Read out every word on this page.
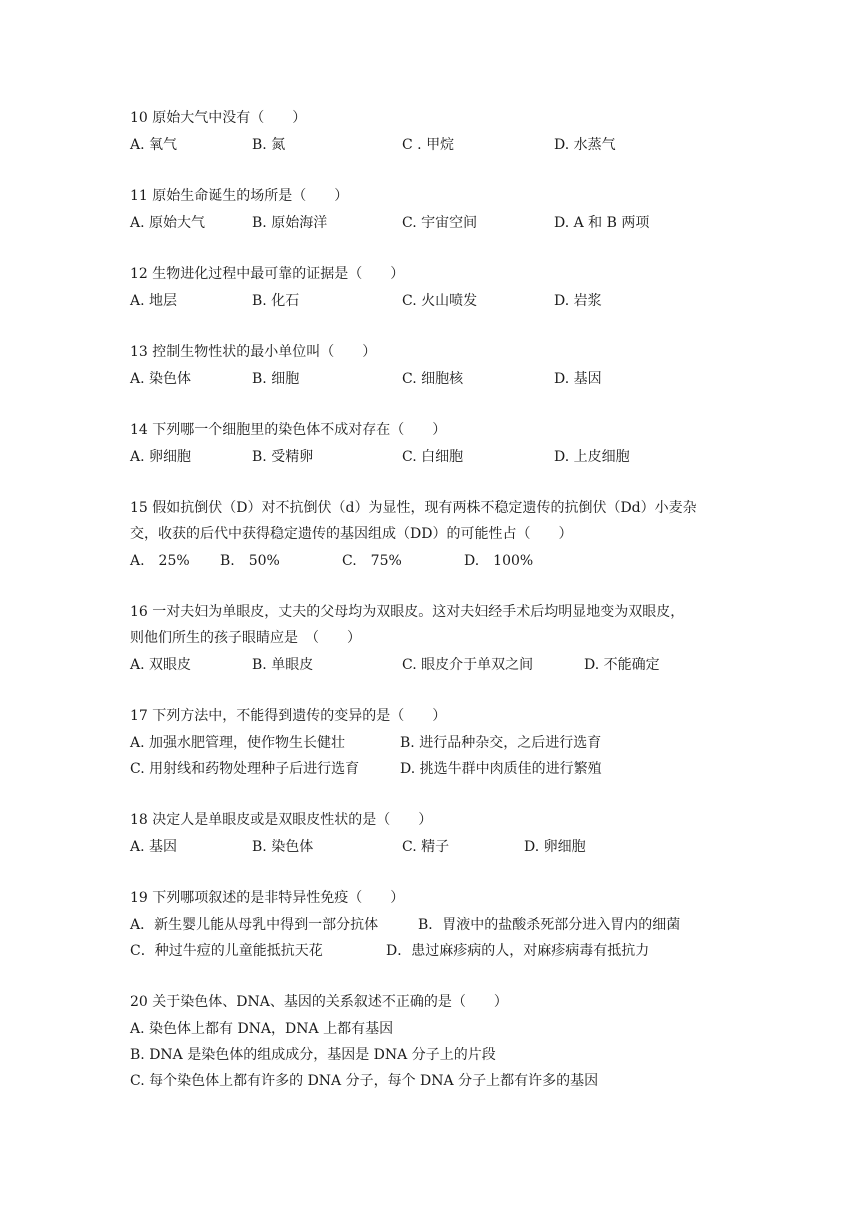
10 原始大气中没有（　　）
A. 氧气	B. 氮	C . 甲烷	D. 水蒸气
11 原始生命诞生的场所是（　　）
A. 原始大气	B. 原始海洋	C. 宇宙空间	D. A 和 B 两项
12 生物进化过程中最可靠的证据是（　　）
A. 地层	B. 化石	C. 火山喷发	D. 岩浆
13 控制生物性状的最小单位叫（　　）
A. 染色体	B. 细胞	C. 细胞核	D. 基因
14 下列哪一个细胞里的染色体不成对存在（　　）
A. 卵细胞	B. 受精卵	C. 白细胞	D. 上皮细胞
15 假如抗倒伏（D）对不抗倒伏（d）为显性，现有两株不稳定遗传的抗倒伏（Dd）小麦杂
交，收获的后代中获得稳定遗传的基因组成（DD）的可能性占（　　）
A.　25% B.　50%	C.　75%	D.　100%
16 一对夫妇为单眼皮，丈夫的父母均为双眼皮。这对夫妇经手术后均明显地变为双眼皮，
则他们所生的孩子眼睛应是　（　　）
A. 双眼皮	B. 单眼皮	C. 眼皮介于单双之间	D. 不能确定
17 下列方法中，不能得到遗传的变异的是（　　）
A. 加强水肥管理，使作物生长健壮	B. 进行品种杂交，之后进行选育
C. 用射线和药物处理种子后进行选育	D. 挑选牛群中肉质佳的进行繁殖
18 决定人是单眼皮或是双眼皮性状的是（　　）
A. 基因	B. 染色体	C. 精子	D. 卵细胞
19 下列哪项叙述的是非特异性免疫（　　）
A．新生婴儿能从母乳中得到一部分抗体	B．胃液中的盐酸杀死部分进入胃内的细菌
C．种过牛痘的儿童能抵抗天花	D．患过麻疹病的人，对麻疹病毒有抵抗力
20 关于染色体、DNA、基因的关系叙述不正确的是（　　）
A. 染色体上都有 DNA，DNA 上都有基因
B. DNA 是染色体的组成成分，基因是 DNA 分子上的片段
C. 每个染色体上都有许多的 DNA 分子，每个 DNA 分子上都有许多的基因
